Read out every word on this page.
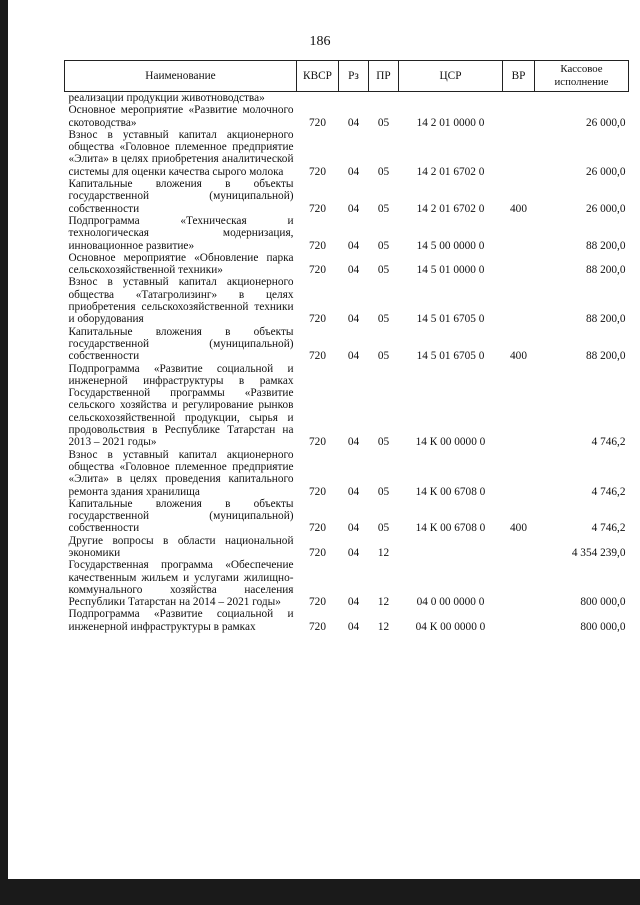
186
Наименование	КВСР	Рз	ПР	ЦСР	ВР	Кассовое исполнение
реализации продукции животноводства»						
Основное мероприятие «Развитие молочного скотоводства»	720	04	05	14 2 01 0000 0		26 000,0
Взнос в уставный капитал акционерного общества «Головное племенное предприятие «Элита» в целях приобретения аналитической системы для оценки качества сырого молока	720	04	05	14 2 01 6702 0		26 000,0
Капитальные вложения в объекты государственной (муниципальной) собственности	720	04	05	14 2 01 6702 0	400	26 000,0
Подпрограмма «Техническая и технологическая модернизация, инновационное развитие»	720	04	05	14 5 00 0000 0		88 200,0
Основное мероприятие «Обновление парка сельскохозяйственной техники»	720	04	05	14 5 01 0000 0		88 200,0
Взнос в уставный капитал акционерного общества «Татагролизинг» в целях приобретения сельскохозяйственной техники и оборудования	720	04	05	14 5 01 6705 0		88 200,0
Капитальные вложения в объекты государственной (муниципальной) собственности	720	04	05	14 5 01 6705 0	400	88 200,0
Подпрограмма «Развитие социальной и инженерной инфраструктуры в рамках Государственной программы «Развитие сельского хозяйства и регулирование рынков сельскохозяйственной продукции, сырья и продовольствия в Республике Татарстан на 2013 – 2021 годы»	720	04	05	14 К 00 0000 0		4 746,2
Взнос в уставный капитал акционерного общества «Головное племенное предприятие «Элита» в целях проведения капитального ремонта здания хранилища	720	04	05	14 К 00 6708 0		4 746,2
Капитальные вложения в объекты государственной (муниципальной) собственности	720	04	05	14 К 00 6708 0	400	4 746,2
Другие вопросы в области национальной экономики	720	04	12			4 354 239,0
Государственная программа «Обеспечение качественным жильем и услугами жилищно-коммунального хозяйства населения Республики Татарстан на 2014 – 2021 годы»	720	04	12	04 0 00 0000 0		800 000,0
Подпрограмма «Развитие социальной и инженерной инфраструктуры в рамках	720	04	12	04 К 00 0000 0		800 000,0
